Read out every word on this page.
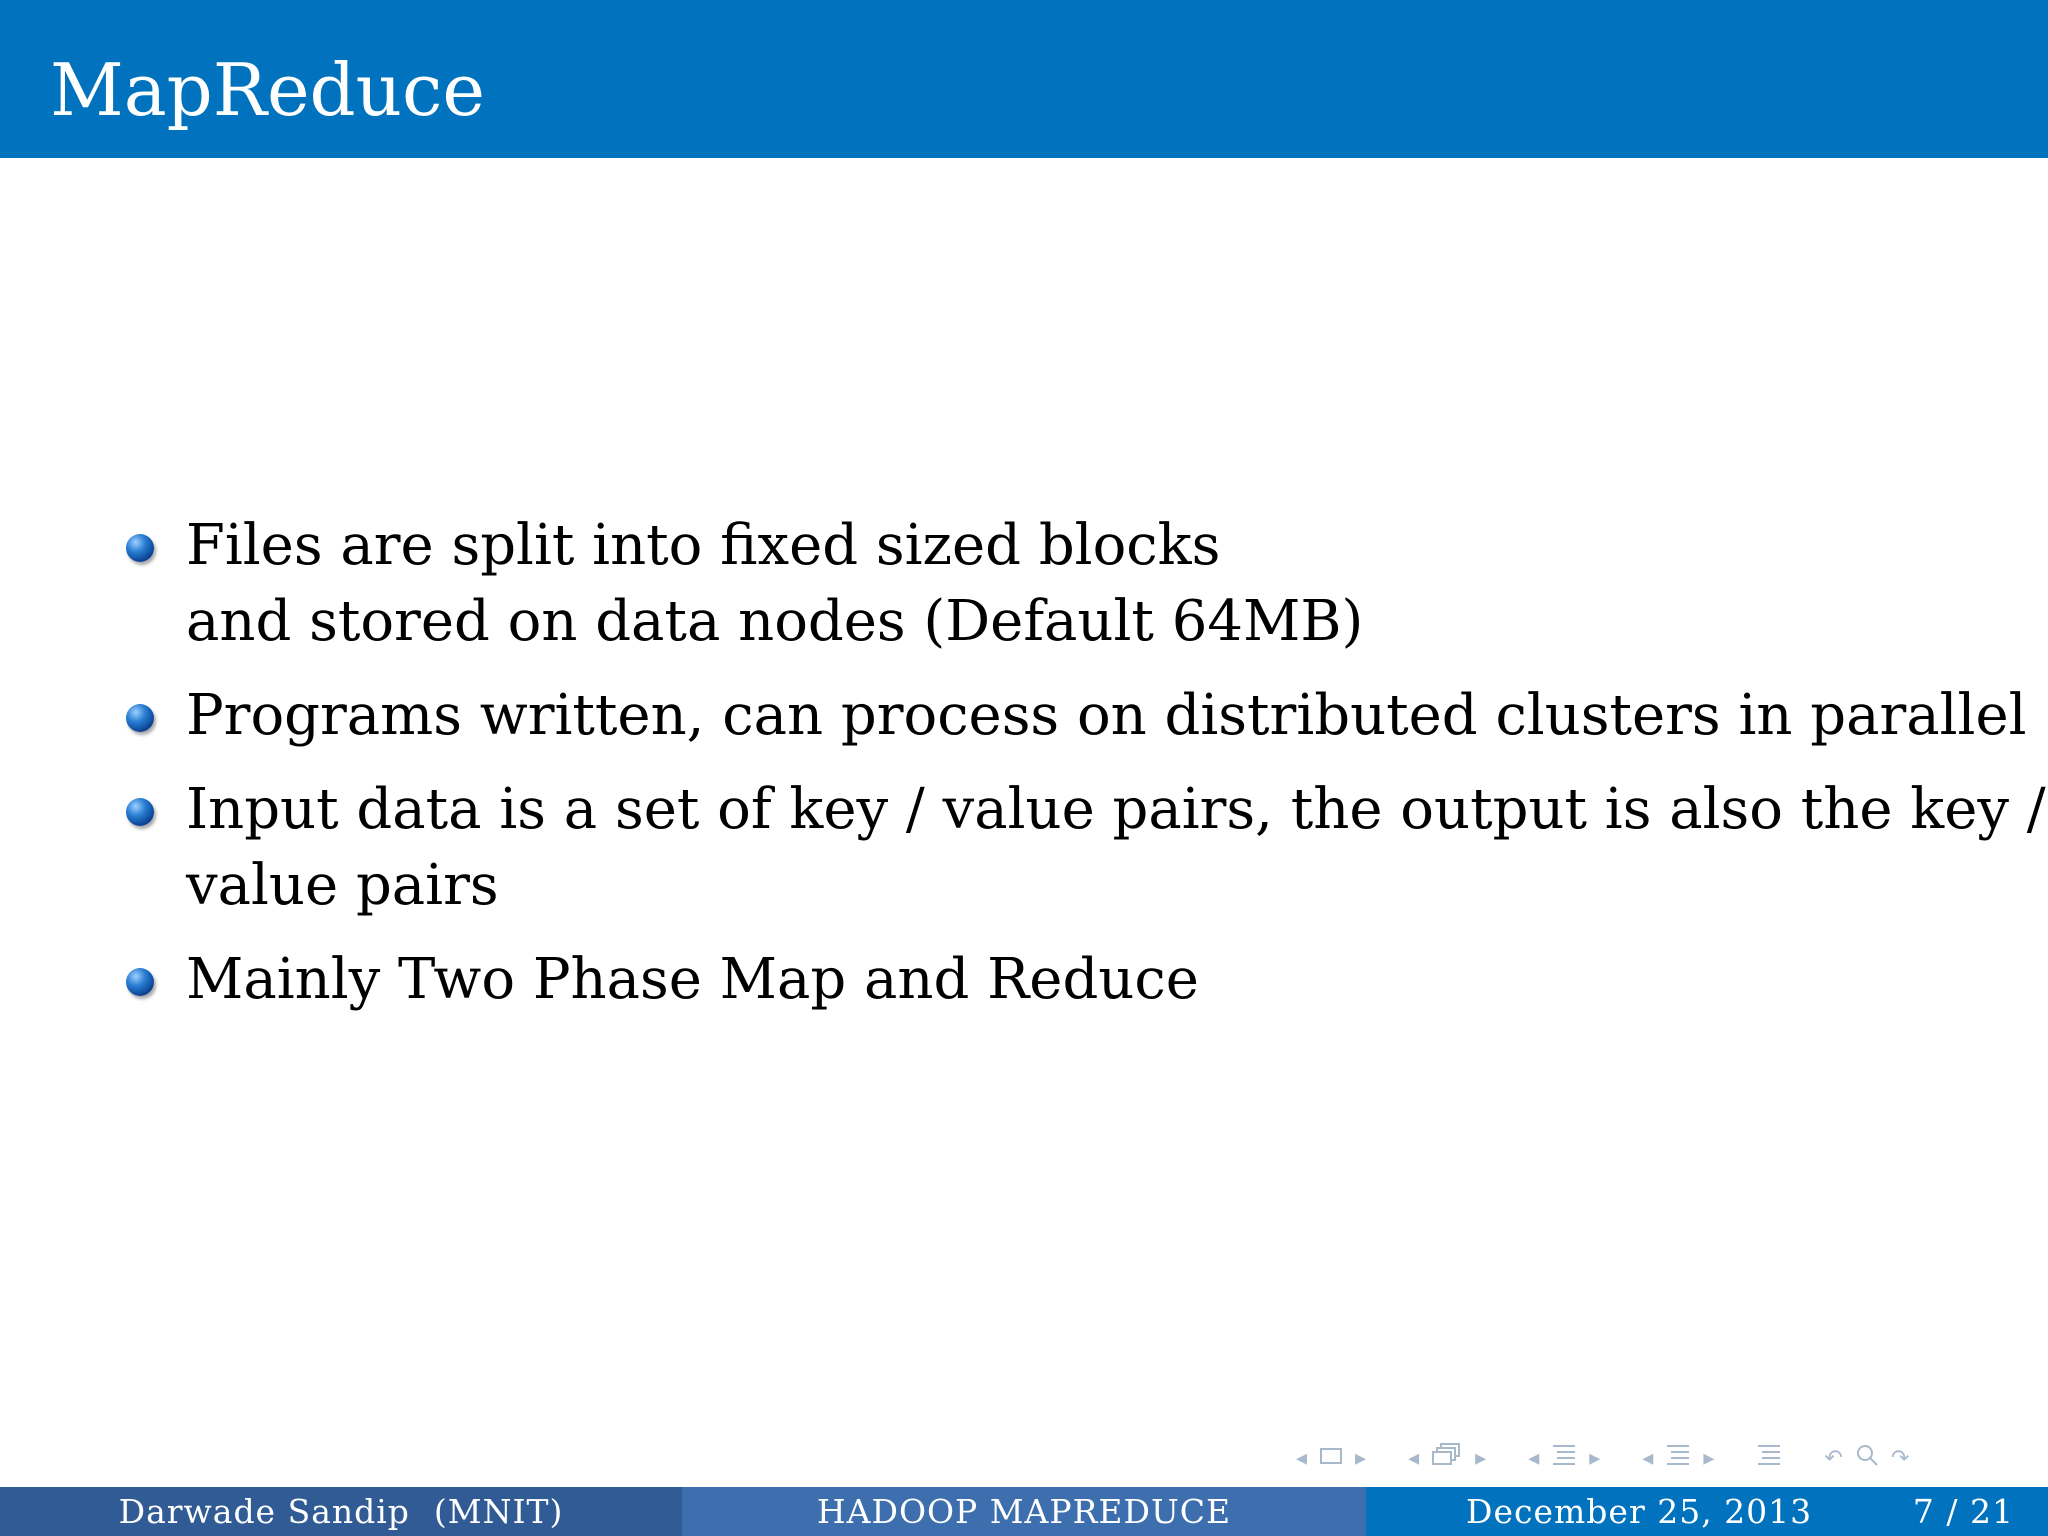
MapReduce
Files are split into fixed sized blocks
and stored on data nodes (Default 64MB)
Programs written, can process on distributed clusters in parallel
Input data is a set of key / value pairs, the output is also the key /
value pairs
Mainly Two Phase Map and Reduce
◂ ▸ ◂	▸ ◂ ▸ ◂ ▸	↶ ↷
Darwade Sandip (MNIT)	HADOOP MAPREDUCE	December 25, 2013	7 / 21
